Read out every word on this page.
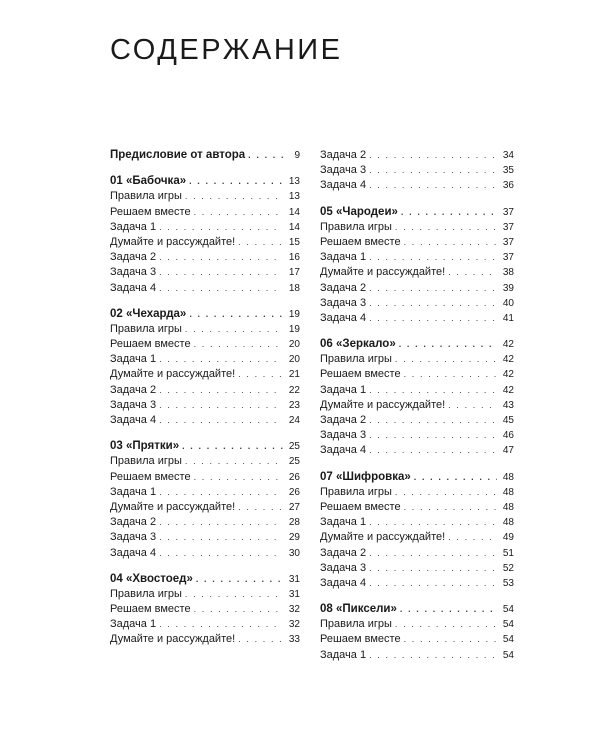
СОДЕРЖАНИЕ
Предисловие от автора . . .	9
01 «Бабочка» . . .	13
Правила игры . . .	13
Решаем вместе . . .	14
Задача 1 . . .	14
Думайте и рассуждайте! . . .	15
Задача 2 . . .	16
Задача 3 . . .	17
Задача 4 . . .	18
02 «Чехарда» . . .	19
Правила игры . . .	19
Решаем вместе . . .	20
Задача 1 . . .	20
Думайте и рассуждайте! . . .	21
Задача 2 . . .	22
Задача 3 . . .	23
Задача 4 . . .	24
03 «Прятки» . . .	25
Правила игры . . .	25
Решаем вместе . . .	26
Задача 1 . . .	26
Думайте и рассуждайте! . . .	27
Задача 2 . . .	28
Задача 3 . . .	29
Задача 4 . . .	30
04 «Хвостоед» . . .	31
Правила игры . . .	31
Решаем вместе . . .	32
Задача 1 . . .	32
Думайте и рассуждайте! . . .	33
Задача 2 . . .	34
Задача 3 . . .	35
Задача 4 . . .	36
05 «Чародеи» . . .	37
Правила игры . . .	37
Решаем вместе . . .	37
Задача 1 . . .	37
Думайте и рассуждайте! . . .	38
Задача 2 . . .	39
Задача 3 . . .	40
Задача 4 . . .	41
06 «Зеркало» . . .	42
Правила игры . . .	42
Решаем вместе . . .	42
Задача 1 . . .	42
Думайте и рассуждайте! . . .	43
Задача 2 . . .	45
Задача 3 . . .	46
Задача 4 . . .	47
07 «Шифровка» . . .	48
Правила игры . . .	48
Решаем вместе . . .	48
Задача 1 . . .	48
Думайте и рассуждайте! . . .	49
Задача 2 . . .	51
Задача 3 . . .	52
Задача 4 . . .	53
08 «Пиксели» . . .	54
Правила игры . . .	54
Решаем вместе . . .	54
Задача 1 . . .	54
